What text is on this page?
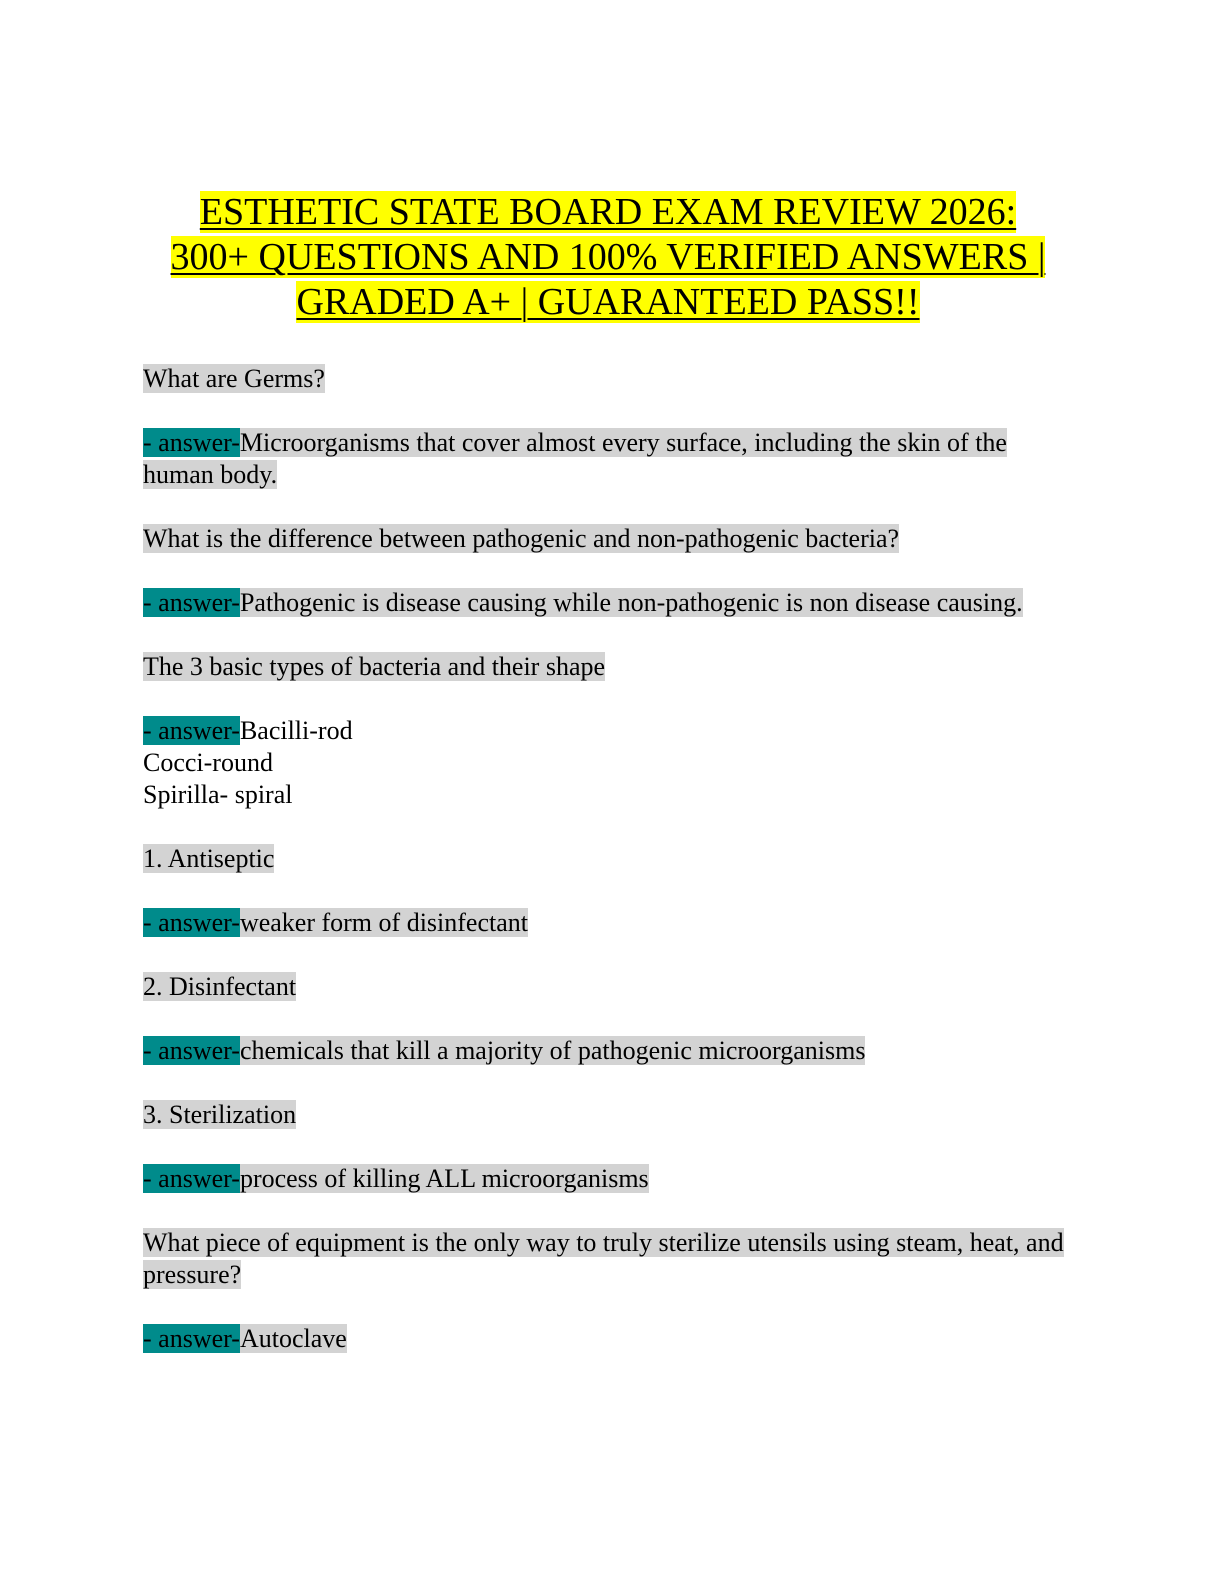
ESTHETIC STATE BOARD EXAM REVIEW 2026:
300+ QUESTIONS AND 100% VERIFIED ANSWERS |
GRADED A+ | GUARANTEED PASS!!

What are Germs?

- answer-Microorganisms that cover almost every surface, including the skin of the human body.

What is the difference between pathogenic and non-pathogenic bacteria?

- answer-Pathogenic is disease causing while non-pathogenic is non disease causing.

The 3 basic types of bacteria and their shape

- answer-Bacilli-rod
Cocci-round
Spirilla- spiral

1. Antiseptic

- answer-weaker form of disinfectant

2. Disinfectant

- answer-chemicals that kill a majority of pathogenic microorganisms

3. Sterilization

- answer-process of killing ALL microorganisms

What piece of equipment is the only way to truly sterilize utensils using steam, heat, and pressure?

- answer-Autoclave
